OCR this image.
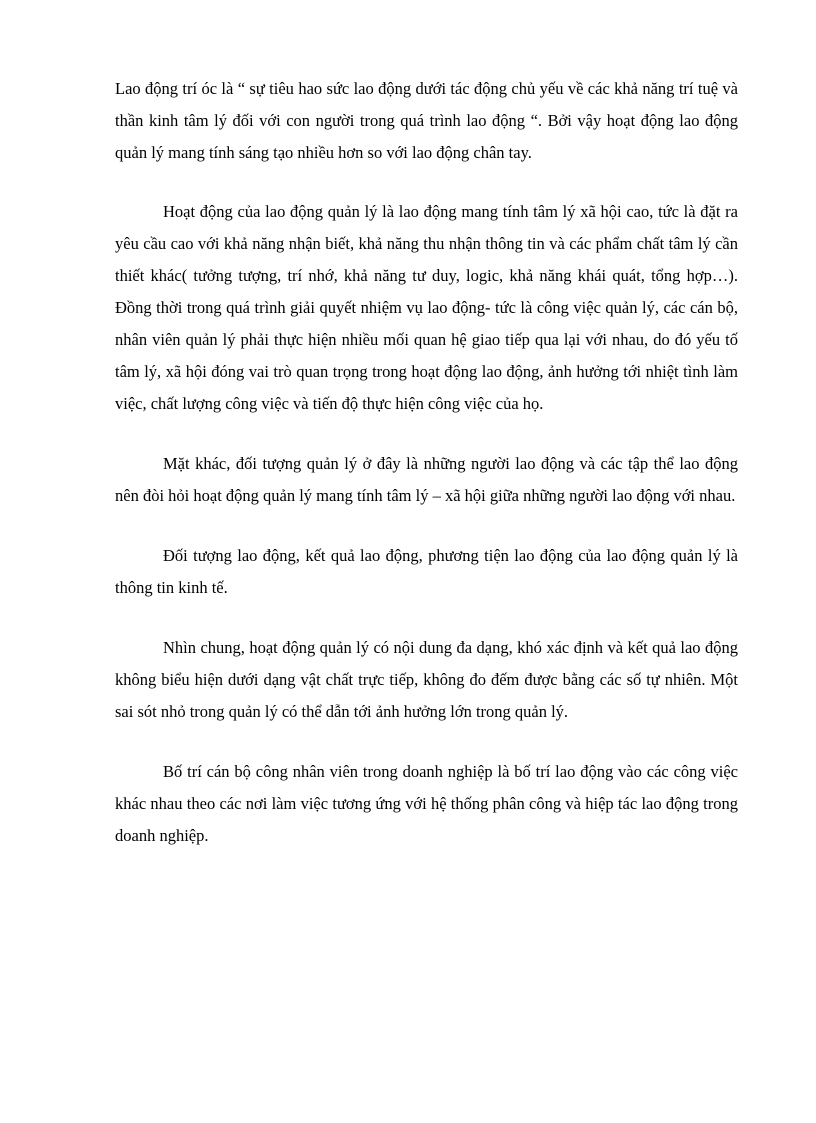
Lao động trí óc là “ sự tiêu hao sức lao động dưới tác động chủ yếu về các khả năng trí tuệ và thần kinh tâm lý đối với con người trong quá trình lao động “. Bởi vậy hoạt động lao động quản lý mang tính sáng tạo nhiều hơn so với lao động chân tay.

Hoạt động của lao động quản lý là lao động mang tính tâm lý xã hội cao, tức là đặt ra yêu cầu cao với khả năng nhận biết, khả năng thu nhận thông tin và các phẩm chất tâm lý cần thiết khác( tưởng tượng, trí nhớ, khả năng tư duy, logic, khả năng khái quát, tổng hợp…). Đồng thời trong quá trình giải quyết nhiệm vụ lao động- tức là công việc quản lý, các cán bộ, nhân viên quản lý phải thực hiện nhiều mối quan hệ giao tiếp qua lại với nhau, do đó yếu tố tâm lý, xã hội đóng vai trò quan trọng trong hoạt động lao động, ảnh hưởng tới nhiệt tình làm việc, chất lượng công việc và tiến độ thực hiện công việc của họ.

Mặt khác, đối tượng quản lý ở đây là những người lao động và các tập thể lao động nên đòi hỏi hoạt động quản lý mang tính tâm lý – xã hội giữa những người lao động với nhau.

Đối tượng lao động, kết quả lao động, phương tiện lao động của lao động quản lý là thông tin kinh tế.

Nhìn chung, hoạt động quản lý có nội dung đa dạng, khó xác định và kết quả lao động không biểu hiện dưới dạng vật chất trực tiếp, không đo đếm được bằng các số tự nhiên. Một sai sót nhỏ trong quản lý có thể dẫn tới ảnh hưởng lớn trong quản lý.

Bố trí cán bộ công nhân viên trong doanh nghiệp là bố trí lao động vào các công việc khác nhau theo các nơi làm việc tương ứng với hệ thống phân công và hiệp tác lao động trong doanh nghiệp.
